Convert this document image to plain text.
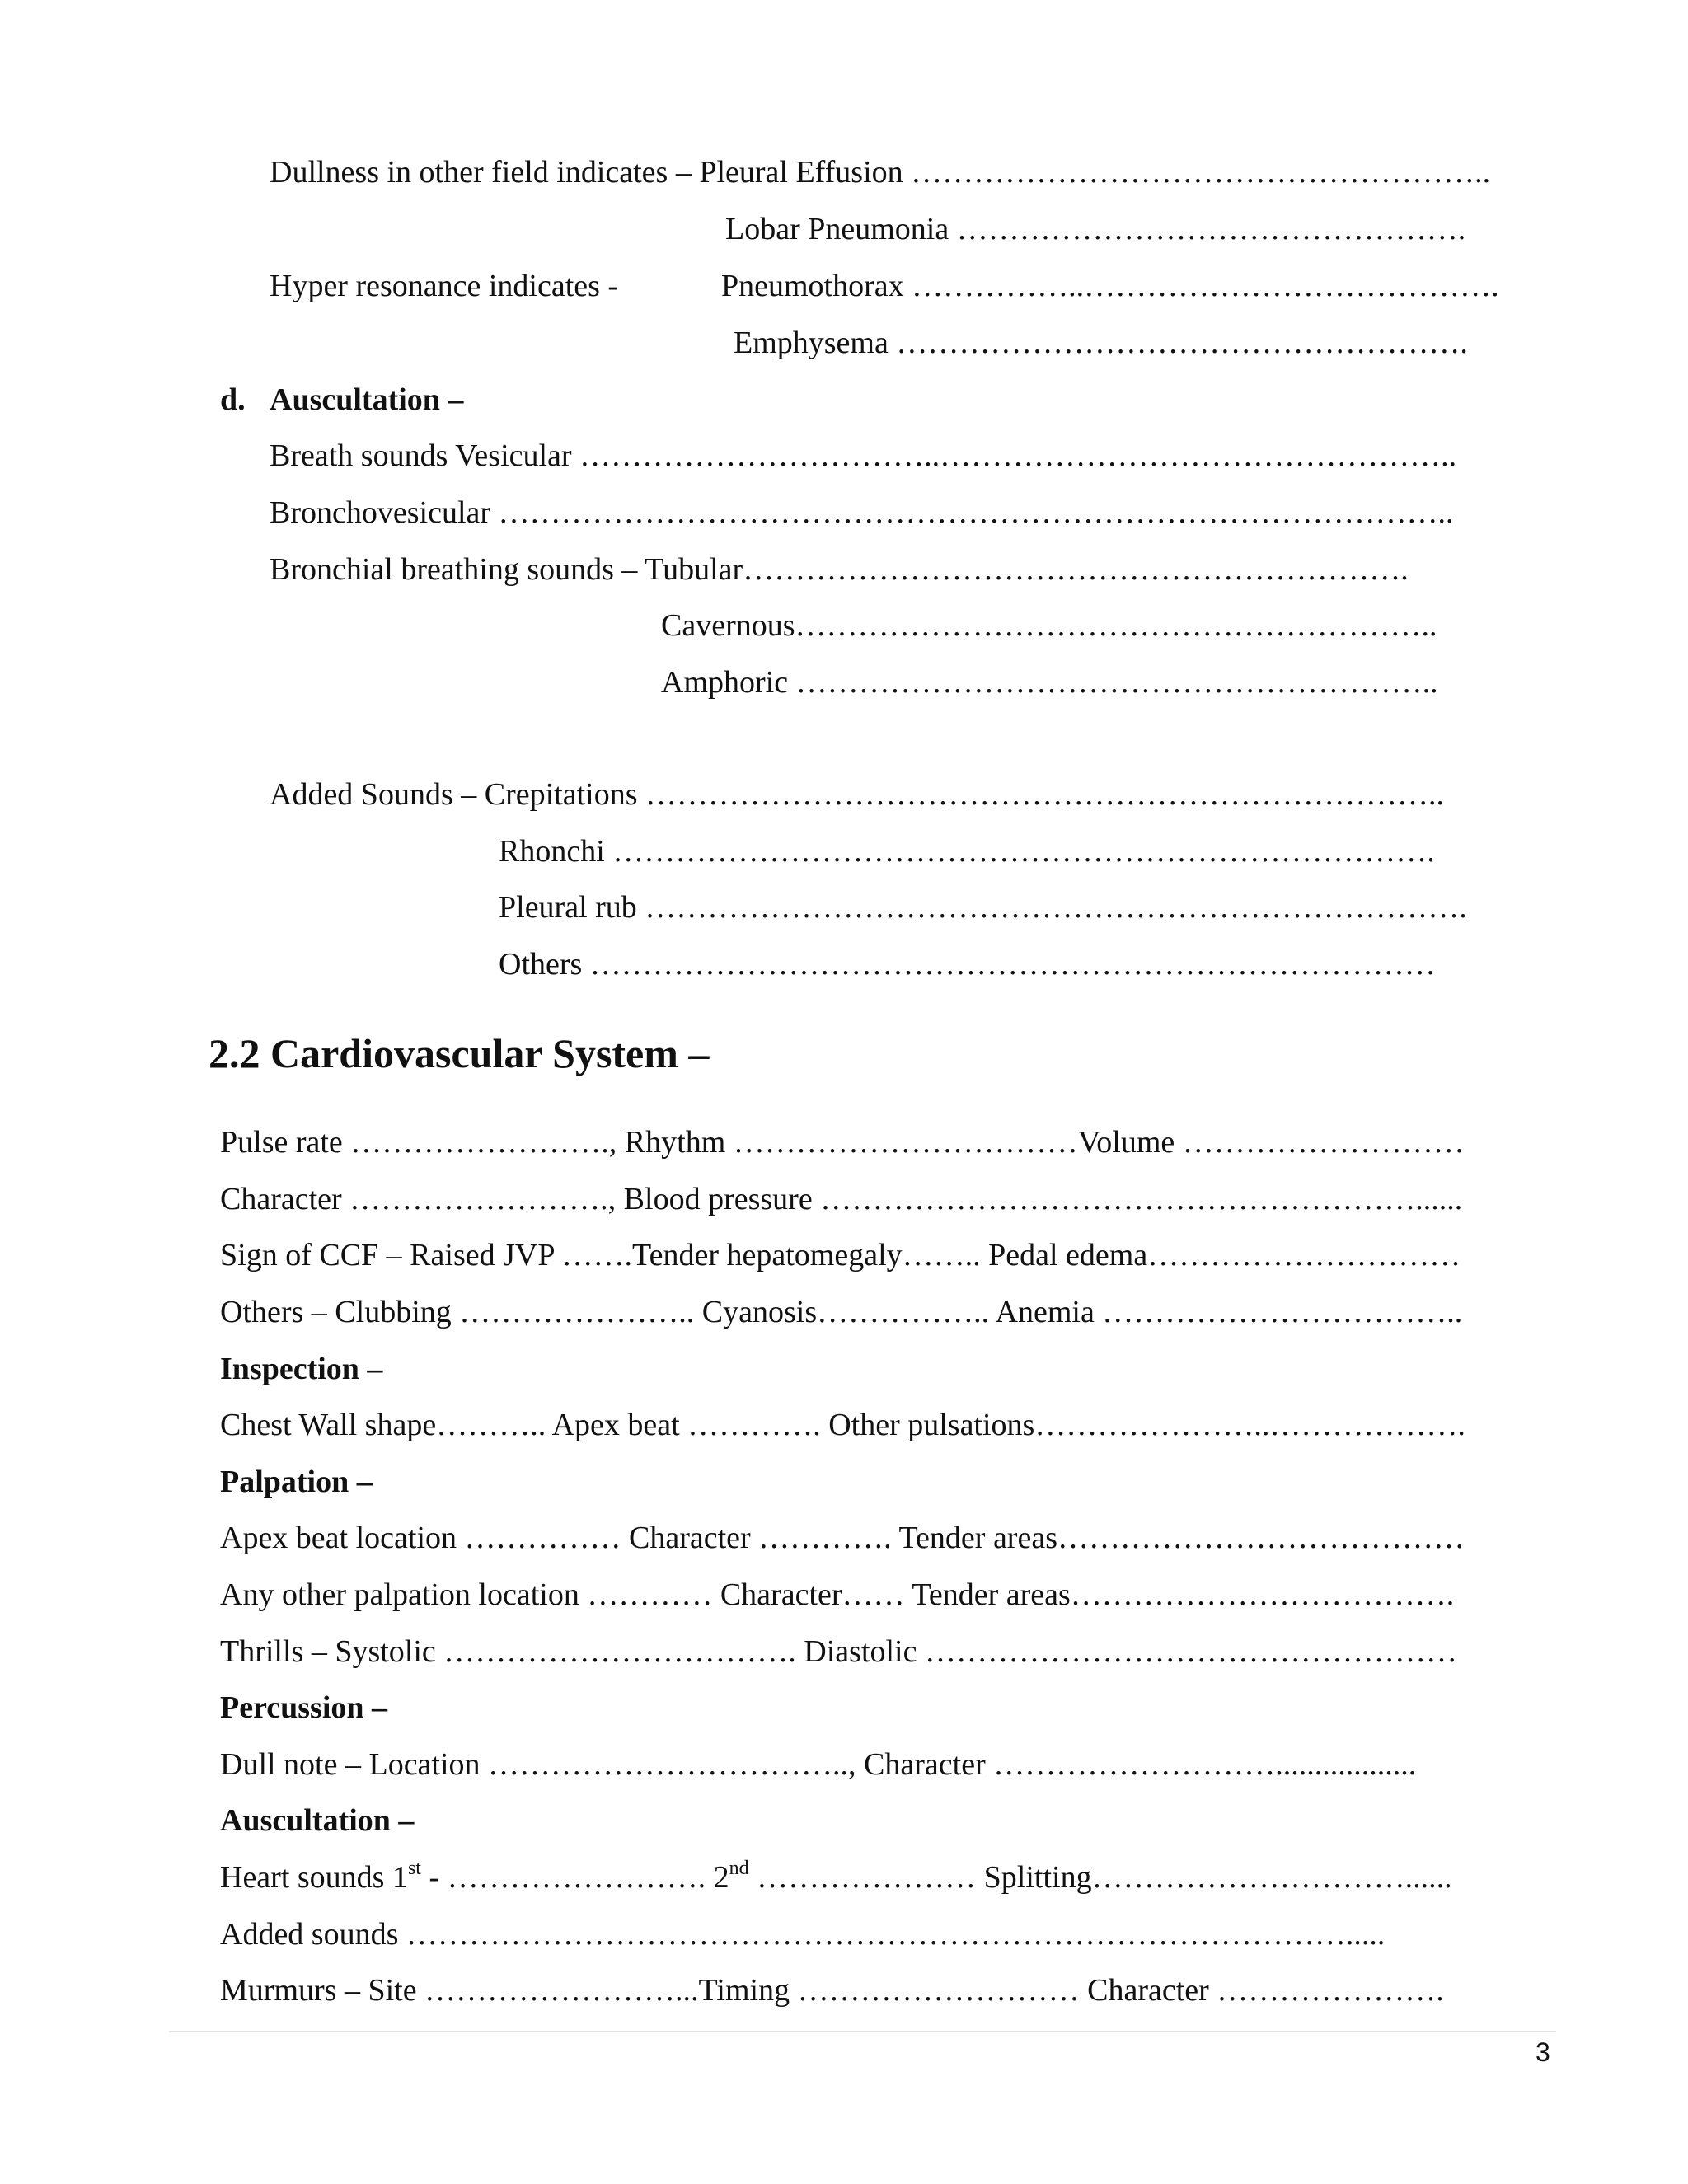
Dullness in other field indicates – Pleural Effusion ………………………………………………..
Lobar Pneumonia ………………………………………….
Hyper resonance indicates -	Pneumothorax ……………..………………………………….
Emphysema ……………………………………………….
d. Auscultation –
Breath sounds Vesicular ……………………………..…………………………………………..
Bronchovesicular ………………………………………………………………………………..
Bronchial breathing sounds – Tubular……………………………………………………….
Cavernous……………………………………………………..
Amphoric ……………………………………………………..
Added Sounds – Crepitations …………………………………………………………………..
Rhonchi …………………………………………………………………….
Pleural rub …………………………………………………………………….
Others ………………………………………………………………………
2.2 Cardiovascular System –
Pulse rate ……………………., Rhythm ……………………………Volume ………………………
Character ……………………., Blood pressure …………………………………………………......
Sign of CCF – Raised JVP …….Tender hepatomegaly…….. Pedal edema…………………………
Others – Clubbing ………………….. Cyanosis…………….. Anemia ……………………………..
Inspection –
Chest Wall shape……….. Apex beat …………. Other pulsations…………………..……………….
Palpation –
Apex beat location …………… Character …………. Tender areas…………………………………
Any other palpation location ………… Character…… Tender areas……………………………….
Thrills – Systolic ……………………………. Diastolic ……………………………………………
Percussion –
Dull note – Location …………………………….., Character ………………………..................
Auscultation –
Heart sounds 1st - ……………………. 2nd ………………… Splitting…………………………......
Added sounds ……………………………………………………………………………….....
Murmurs – Site ……………………...Timing ……………………… Character ………………….
3
